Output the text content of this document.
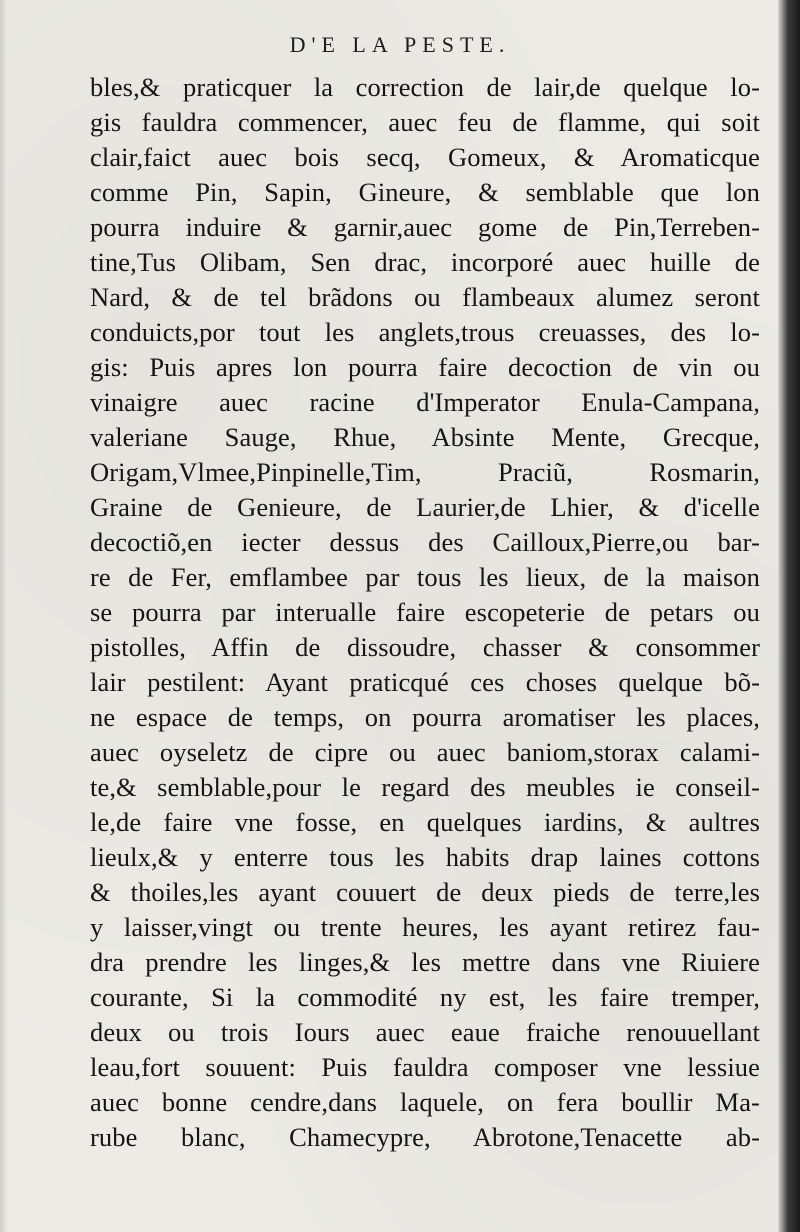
D'E LA PESTE.
bles,& praticquer la correction de lair,de quelque lo-
gis fauldra commencer, auec feu de flamme, qui soit
clair,faict auec bois secq, Gomeux, & Aromaticque
comme Pin, Sapin, Gineure, & semblable que lon
pourra induire & garnir,auec gome de Pin,Terreben-
tine,Tus Olibam, Sen drac, incorporé auec huille de
Nard, & de tel brãdons ou flambeaux alumez seront
conduicts,por tout les anglets,trous creuasses, des lo-
gis: Puis apres lon pourra faire decoction de vin ou
vinaigre auec racine d'Imperator Enula-Campana,
valeriane Sauge, Rhue, Absinte Mente, Grecque,
Origam,Vlmee,Pinpinelle,Tim, Praciũ, Rosmarin,
Graine de Genieure, de Laurier,de Lhier, & d'icelle
decoctiõ,en iecter dessus des Cailloux,Pierre,ou bar-
re de Fer, emflambee par tous les lieux, de la maison
se pourra par interualle faire escopeterie de petars ou
pistolles, Affin de dissoudre, chasser & consommer
lair pestilent: Ayant praticqué ces choses quelque bõ-
ne espace de temps, on pourra aromatiser les places,
auec oyseletz de cipre ou auec baniom,storax calami-
te,& semblable,pour le regard des meubles ie conseil-
le,de faire vne fosse, en quelques iardins, & aultres
lieulx,& y enterre tous les habits drap laines cottons
& thoiles,les ayant couuert de deux pieds de terre,les
y laisser,vingt ou trente heures, les ayant retirez fau-
dra prendre les linges,& les mettre dans vne Riuiere
courante, Si la commodité ny est, les faire tremper,
deux ou trois Iours auec eaue fraiche renouuellant
leau,fort souuent: Puis fauldra composer vne lessiue
auec bonne cendre,dans laquele, on fera boullir Ma-
rube blanc, Chamecypre, Abrotone,Tenacette ab-
